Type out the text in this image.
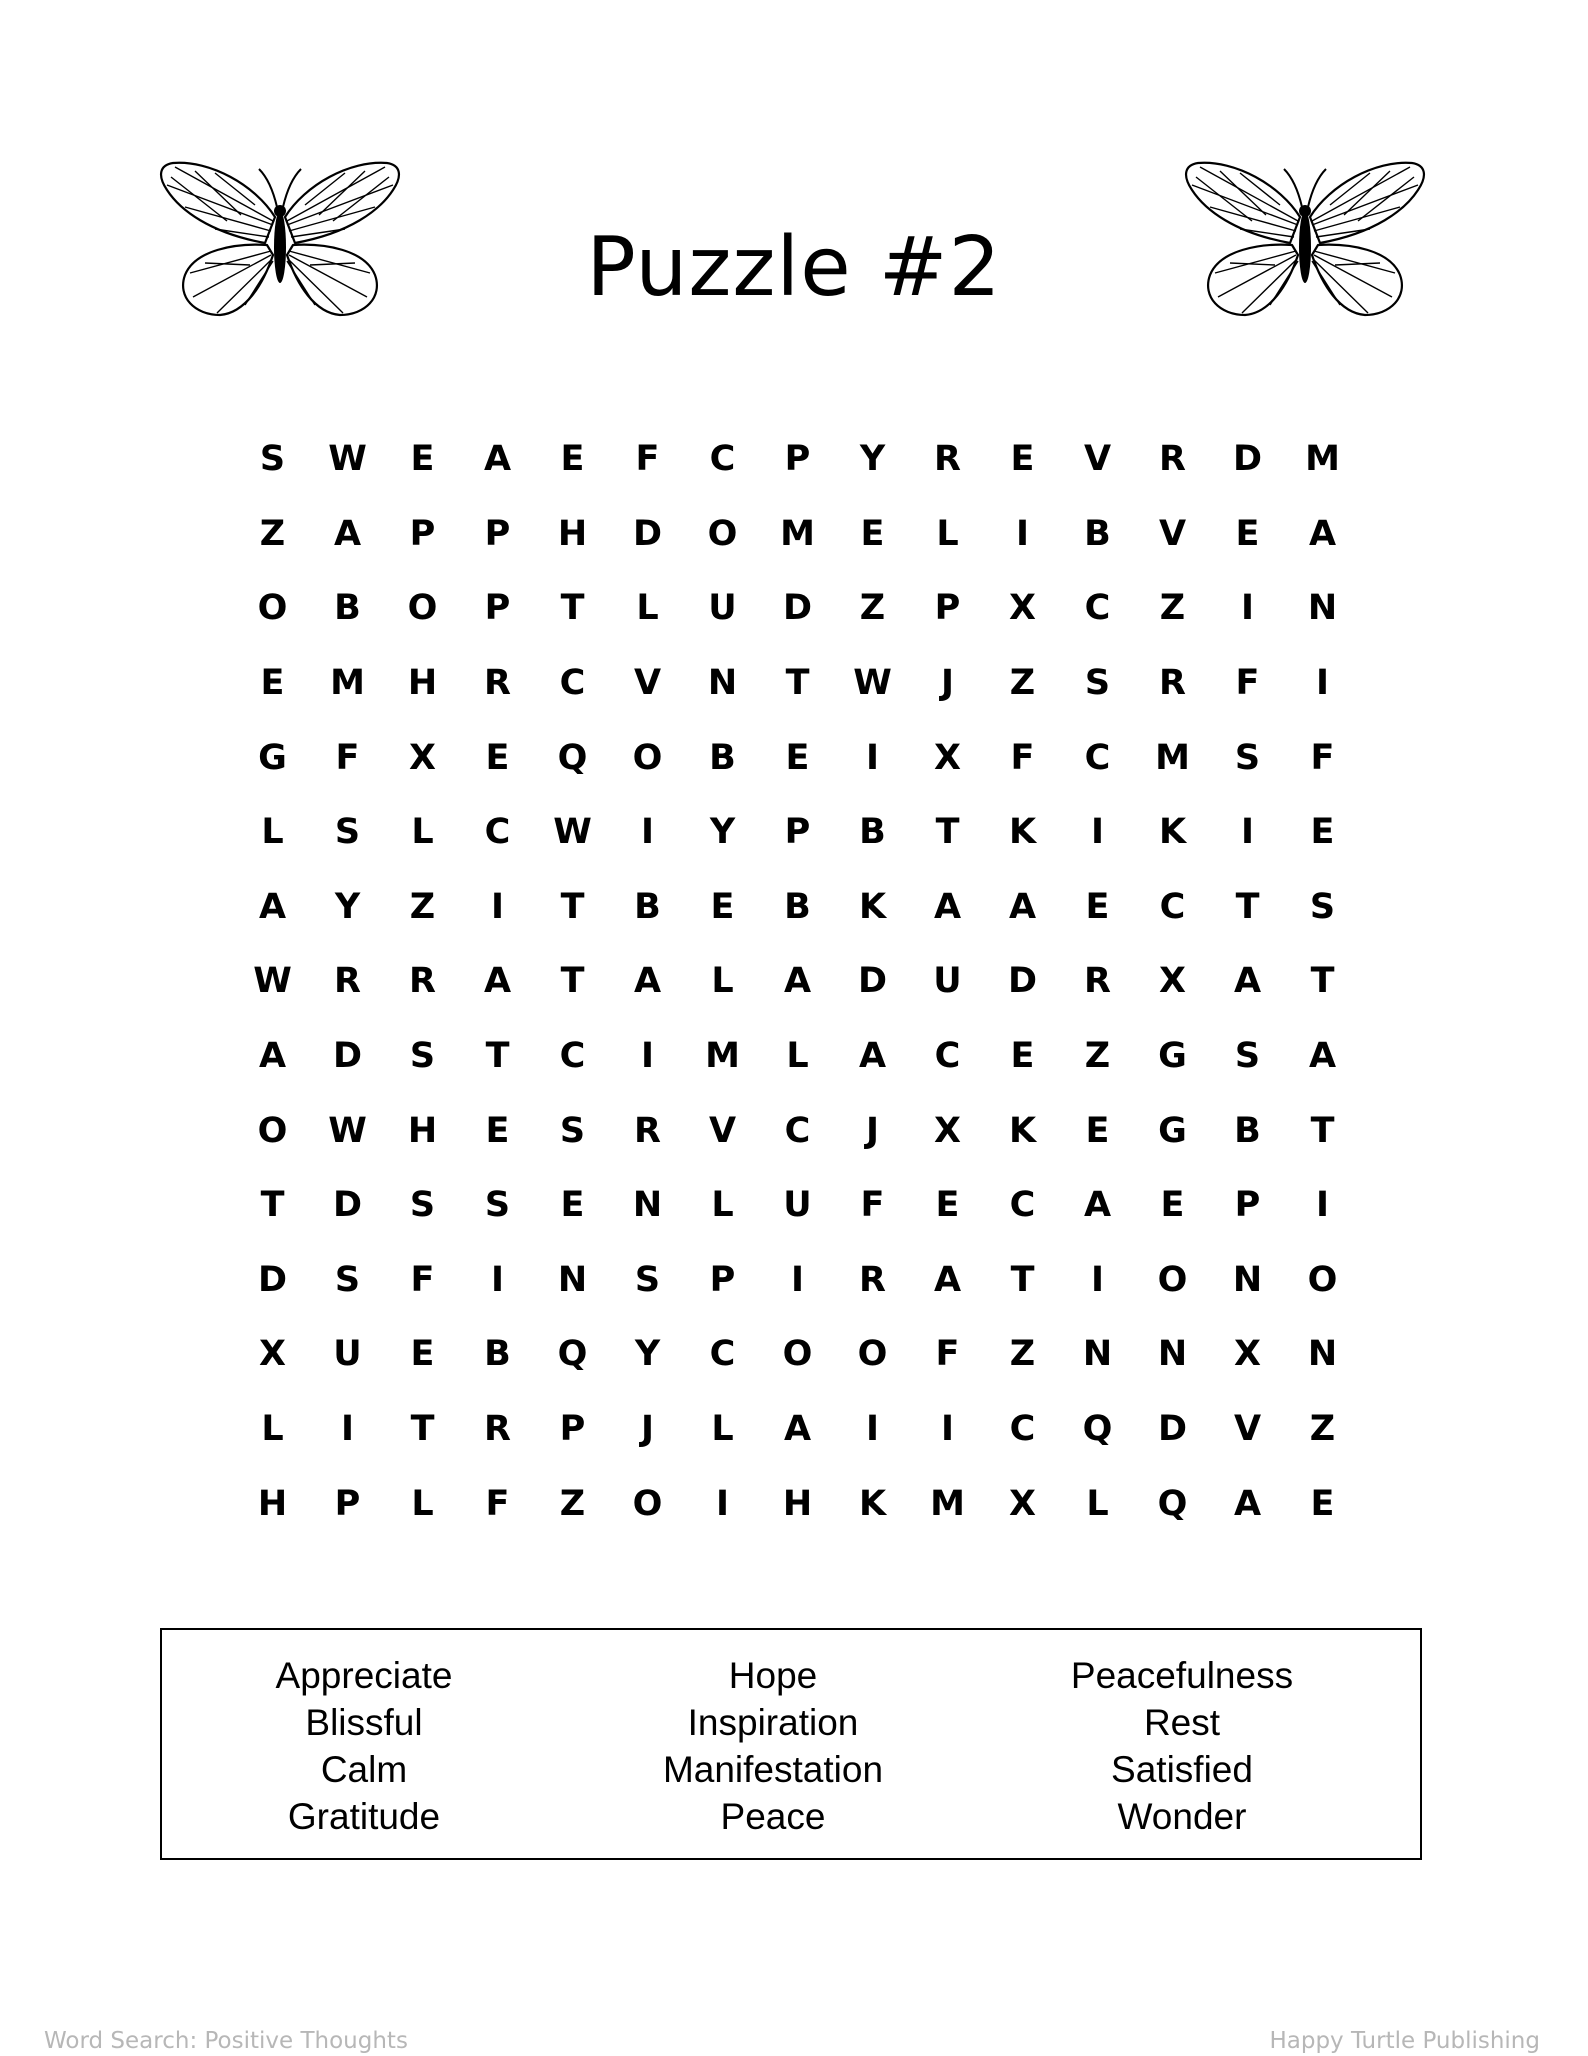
Puzzle #2
S	W	E	A	E	F	C	P	Y	R	E	V	R	D	M
Z	A	P	P	H	D	O	M	E	L	I	B	V	E	A
O	B	O	P	T	L	U	D	Z	P	X	C	Z	I	N
E	M	H	R	C	V	N	T	W	J	Z	S	R	F	I
G	F	X	E	Q	O	B	E	I	X	F	C	M	S	F
L	S	L	C	W	I	Y	P	B	T	K	I	K	I	E
A	Y	Z	I	T	B	E	B	K	A	A	E	C	T	S
W	R	R	A	T	A	L	A	D	U	D	R	X	A	T
A	D	S	T	C	I	M	L	A	C	E	Z	G	S	A
O	W	H	E	S	R	V	C	J	X	K	E	G	B	T
T	D	S	S	E	N	L	U	F	E	C	A	E	P	I
D	S	F	I	N	S	P	I	R	A	T	I	O	N	O
X	U	E	B	Q	Y	C	O	O	F	Z	N	N	X	N
L	I	T	R	P	J	L	A	I	I	C	Q	D	V	Z
H	P	L	F	Z	O	I	H	K	M	X	L	Q	A	E
Appreciate
Blissful
Calm
Gratitude
Hope
Inspiration
Manifestation
Peace
Peacefulness
Rest
Satisfied
Wonder
Word Search: Positive Thoughts	Happy Turtle Publishing
